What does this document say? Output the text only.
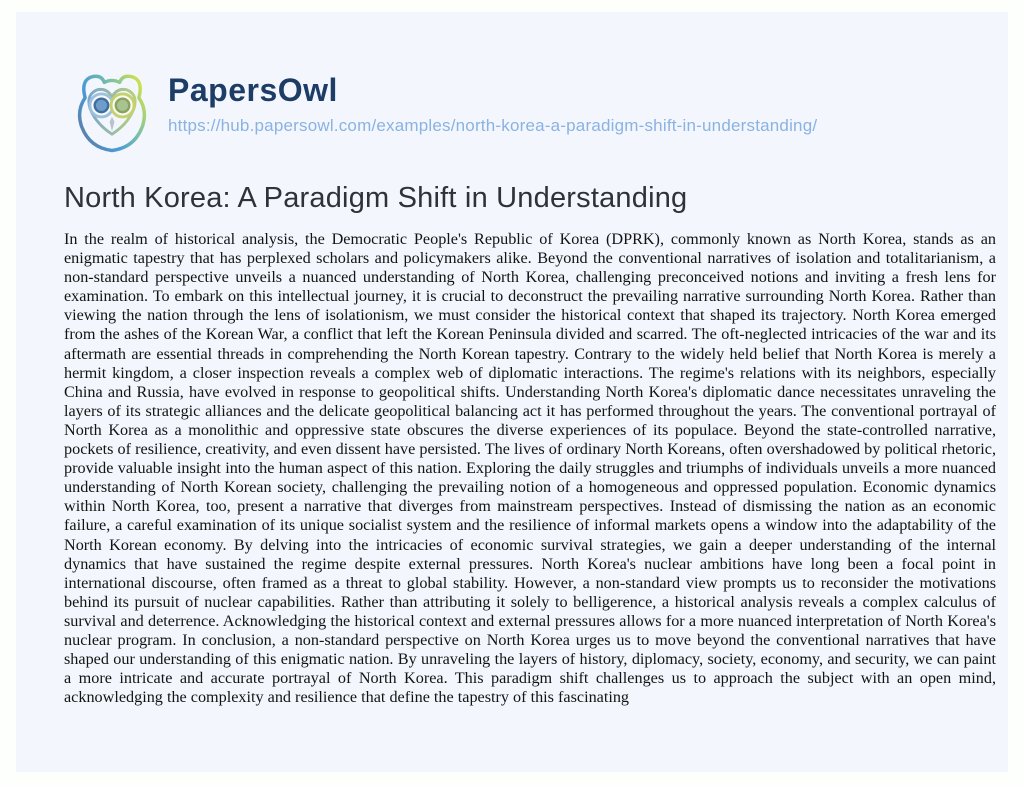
PapersOwl
https://hub.papersowl.com/examples/north-korea-a-paradigm-shift-in-understanding/
North Korea: A Paradigm Shift in Understanding

In the realm of historical analysis, the Democratic People's Republic of Korea (DPRK), commonly known as North Korea, stands as an enigmatic tapestry that has perplexed scholars and policymakers alike. Beyond the conventional narratives of isolation and totalitarianism, a non-standard perspective unveils a nuanced understanding of North Korea, challenging preconceived notions and inviting a fresh lens for examination. To embark on this intellectual journey, it is crucial to deconstruct the prevailing narrative surrounding North Korea. Rather than viewing the nation through the lens of isolationism, we must consider the historical context that shaped its trajectory. North Korea emerged from the ashes of the Korean War, a conflict that left the Korean Peninsula divided and scarred. The oft-neglected intricacies of the war and its aftermath are essential threads in comprehending the North Korean tapestry. Contrary to the widely held belief that North Korea is merely a hermit kingdom, a closer inspection reveals a complex web of diplomatic interactions. The regime's relations with its neighbors, especially China and Russia, have evolved in response to geopolitical shifts. Understanding North Korea's diplomatic dance necessitates unraveling the layers of its strategic alliances and the delicate geopolitical balancing act it has performed throughout the years. The conventional portrayal of North Korea as a monolithic and oppressive state obscures the diverse experiences of its populace. Beyond the state-controlled narrative, pockets of resilience, creativity, and even dissent have persisted. The lives of ordinary North Koreans, often overshadowed by political rhetoric, provide valuable insight into the human aspect of this nation. Exploring the daily struggles and triumphs of individuals unveils a more nuanced understanding of North Korean society, challenging the prevailing notion of a homogeneous and oppressed population. Economic dynamics within North Korea, too, present a narrative that diverges from mainstream perspectives. Instead of dismissing the nation as an economic failure, a careful examination of its unique socialist system and the resilience of informal markets opens a window into the adaptability of the North Korean economy. By delving into the intricacies of economic survival strategies, we gain a deeper understanding of the internal dynamics that have sustained the regime despite external pressures. North Korea's nuclear ambitions have long been a focal point in international discourse, often framed as a threat to global stability. However, a non-standard view prompts us to reconsider the motivations behind its pursuit of nuclear capabilities. Rather than attributing it solely to belligerence, a historical analysis reveals a complex calculus of survival and deterrence. Acknowledging the historical context and external pressures allows for a more nuanced interpretation of North Korea's nuclear program. In conclusion, a non-standard perspective on North Korea urges us to move beyond the conventional narratives that have shaped our understanding of this enigmatic nation. By unraveling the layers of history, diplomacy, society, economy, and security, we can paint a more intricate and accurate portrayal of North Korea. This paradigm shift challenges us to approach the subject with an open mind, acknowledging the complexity and resilience that define the tapestry of this fascinating
